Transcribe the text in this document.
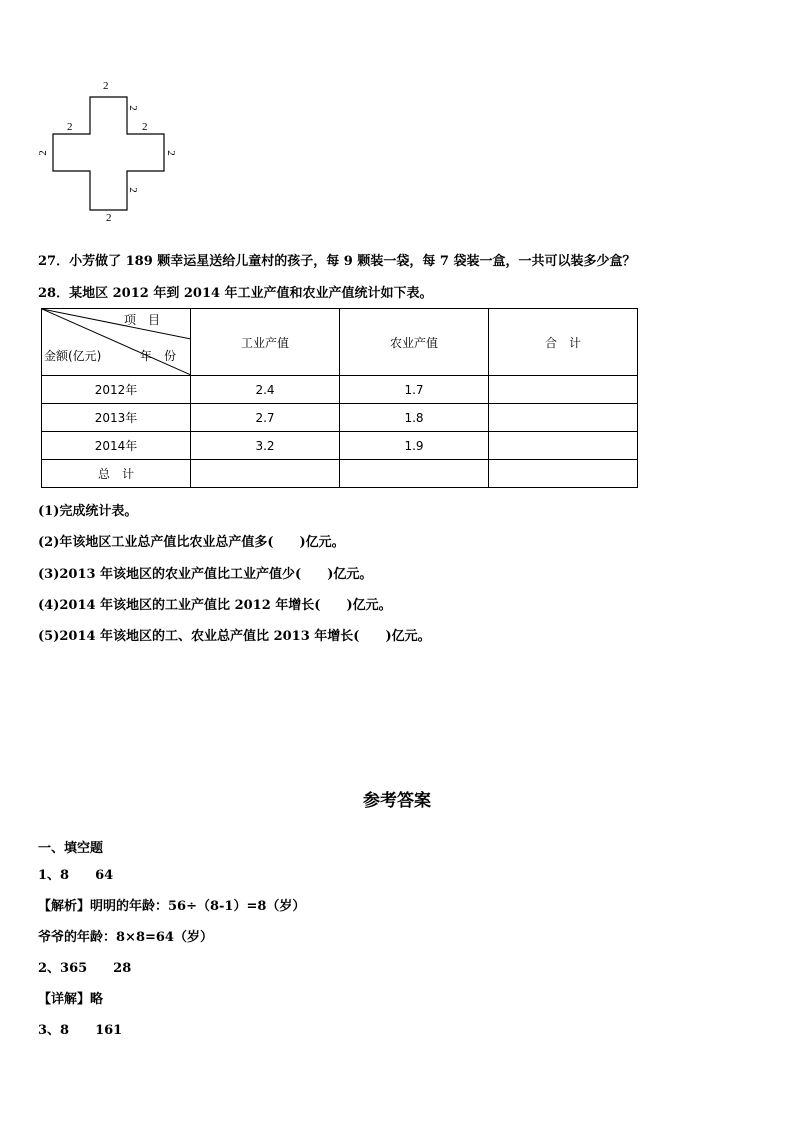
2
2
2	2
2	2
2
2
27．小芳做了 189 颗幸运星送给儿童村的孩子，每 9 颗装一袋，每 7 袋装一盒，一共可以装多少盒？
28．某地区 2012 年到 2014 年工业产值和农业产值统计如下表。
项　目
金额(亿元) 年　份	工业产值	农业产值	合　计
2012年	2.4	1.7	
2013年	2.7	1.8	
2014年	3.2	1.9	
总　计			
(1)完成统计表。
(2)年该地区工业总产值比农业总产值多(　　)亿元。
(3)2013 年该地区的农业产值比工业产值少(　　)亿元。
(4)2014 年该地区的工业产值比 2012 年增长(　　)亿元。
(5)2014 年该地区的工、农业总产值比 2013 年增长(　　)亿元。
参考答案
一、填空题
1、8　　64
【解析】明明的年龄：56÷（8-1）=8（岁）
爷爷的年龄：8×8=64（岁）
2、365　　28
【详解】略
3、8　　161
